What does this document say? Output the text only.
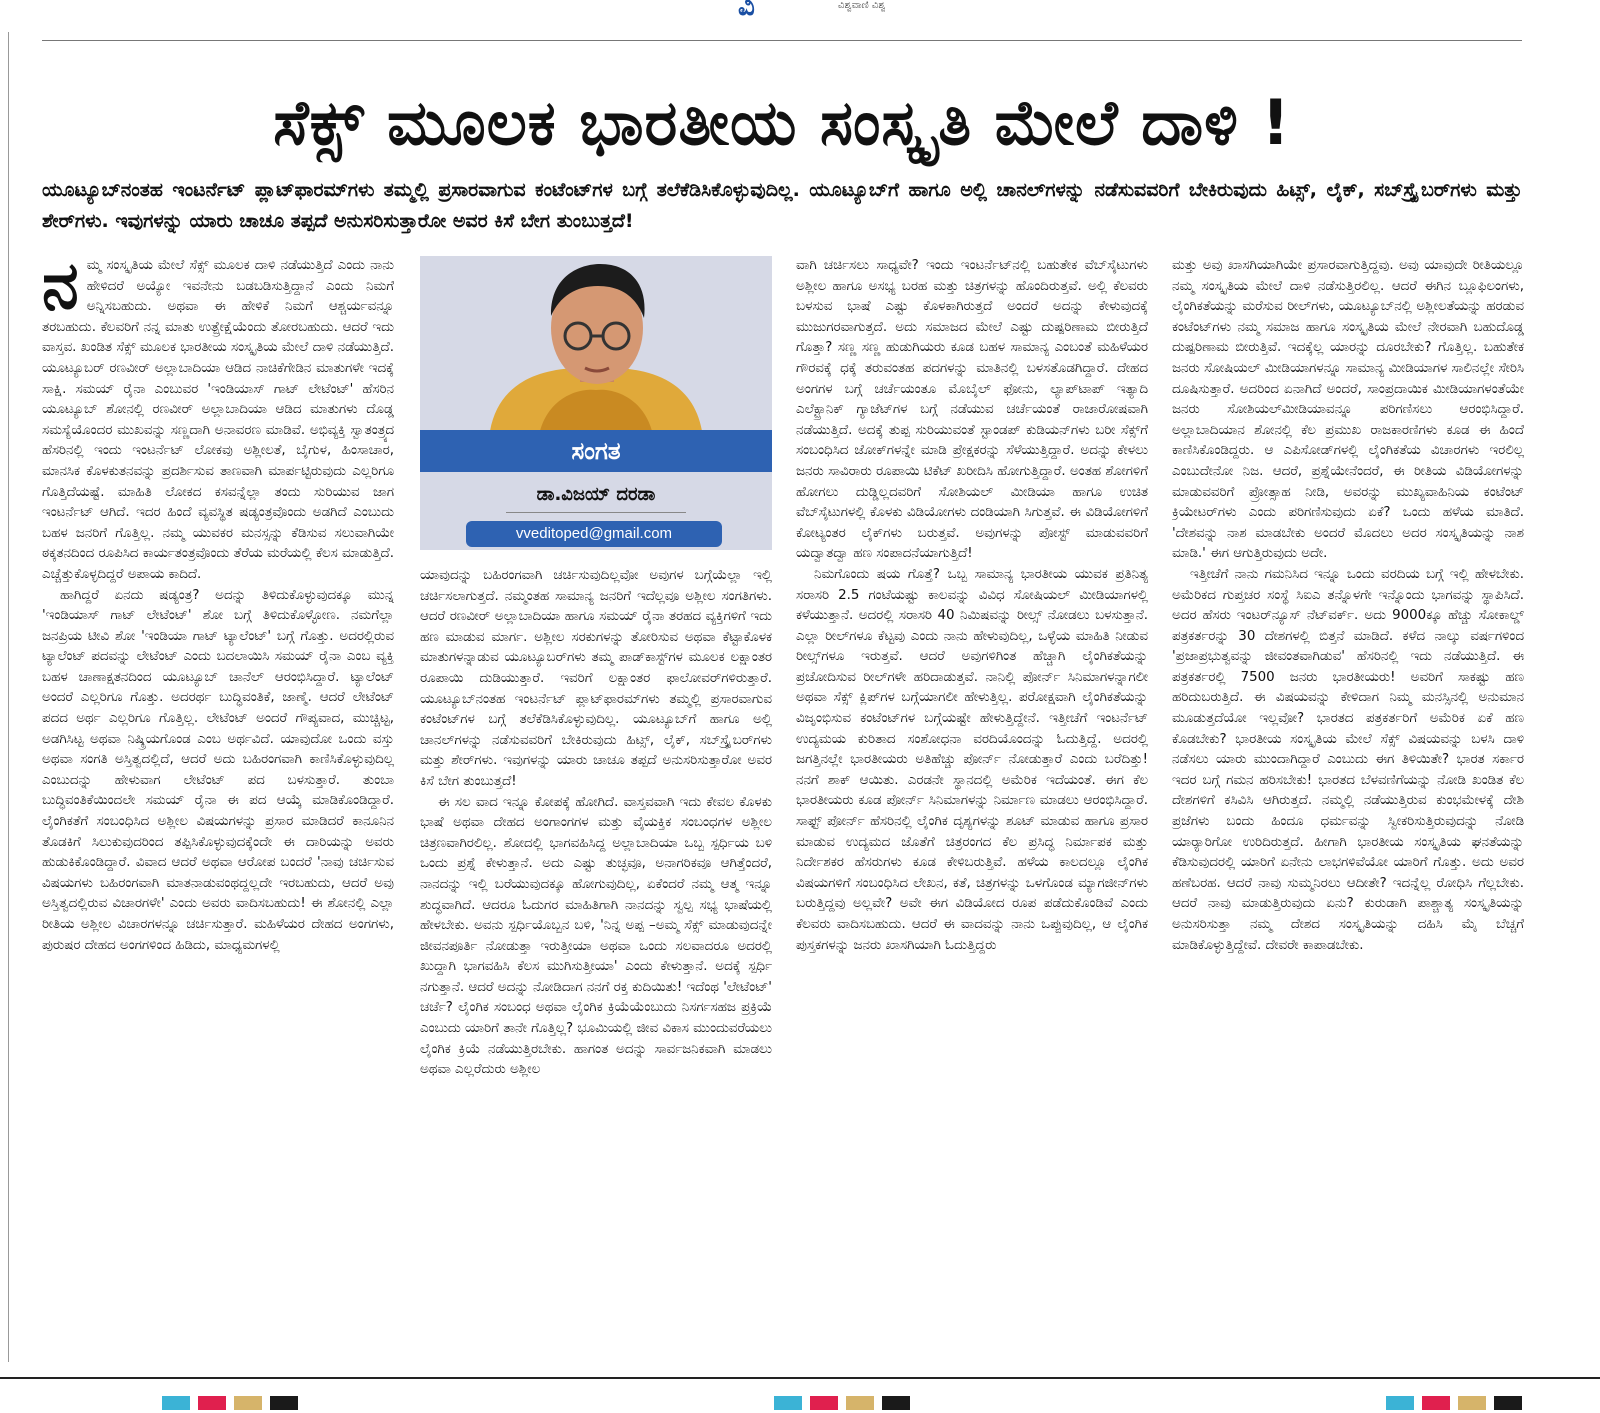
ವಿ	ವಿಶ್ವವಾಣಿ ವಿಶ್ವ
ಸೆಕ್ಸ್ ಮೂಲಕ ಭಾರತೀಯ ಸಂಸ್ಕೃತಿ ಮೇಲೆ ದಾಳಿ !
ಯೂಟ್ಯೂಬ್‌ನಂತಹ ಇಂಟರ್ನೆಟ್ ಪ್ಲಾಟ್‌ಫಾರಮ್‌ಗಳು ತಮ್ಮಲ್ಲಿ ಪ್ರಸಾರವಾಗುವ ಕಂಟೆಂಟ್‌ಗಳ ಬಗ್ಗೆ ತಲೆಕೆಡಿಸಿಕೊಳ್ಳುವುದಿಲ್ಲ. ಯೂಟ್ಯೂಬ್‌ಗೆ ಹಾಗೂ ಅಲ್ಲಿ ಚಾನಲ್‌ಗಳನ್ನು ನಡೆಸುವವರಿಗೆ ಬೇಕಿರುವುದು ಹಿಟ್ಸ್, ಲೈಕ್, ಸಬ್‌ಸ್ಕ್ರೈಬರ್‌ಗಳು ಮತ್ತು ಶೇರ್‌ಗಳು. ಇವುಗಳನ್ನು ಯಾರು ಚಾಚೂ ತಪ್ಪದೆ ಅನುಸರಿಸುತ್ತಾರೋ ಅವರ ಕಿಸೆ ಬೇಗ ತುಂಬುತ್ತದೆ!

ನಮ್ಮ ಸಂಸ್ಕೃತಿಯ ಮೇಲೆ ಸೆಕ್ಸ್ ಮೂಲಕ ದಾಳಿ ನಡೆಯುತ್ತಿದೆ ಎಂದು ನಾನು ಹೇಳಿದರೆ ಅಯ್ಯೋ ಇವನೇನು ಬಡಬಡಿಸುತ್ತಿದ್ದಾನೆ ಎಂದು ನಿಮಗೆ ಅನ್ನಿಸಬಹುದು. ಅಥವಾ ಈ ಹೇಳಿಕೆ ನಿಮಗೆ ಆಶ್ಚರ್ಯವನ್ನೂ ತರಬಹುದು. ಕೆಲವರಿಗೆ ನನ್ನ ಮಾತು ಉತ್ಪ್ರೇಕ್ಷೆಯೆಂದು ತೋರಬಹುದು. ಆದರೆ ಇದು ವಾಸ್ತವ. ಖಂಡಿತ ಸೆಕ್ಸ್ ಮೂಲಕ ಭಾರತೀಯ ಸಂಸ್ಕೃತಿಯ ಮೇಲೆ ದಾಳಿ ನಡೆಯುತ್ತಿದೆ. ಯೂಟ್ಯೂಬರ್ ರಣವೀರ್ ಅಲ್ಲಾಬಾದಿಯಾ ಆಡಿದ ನಾಚಿಕೆಗೇಡಿನ ಮಾತುಗಳೇ ಇದಕ್ಕೆ ಸಾಕ್ಷಿ. ಸಮಯ್ ರೈನಾ ಎಂಬುವರ 'ಇಂಡಿಯಾಸ್ ಗಾಟ್ ಲೇಟೆಂಟ್' ಹೆಸರಿನ ಯೂಟ್ಯೂಬ್ ಶೋನಲ್ಲಿ ರಣವೀರ್ ಅಲ್ಲಾಬಾದಿಯಾ ಆಡಿದ ಮಾತುಗಳು ದೊಡ್ಡ ಸಮಸ್ಯೆಯೊಂದರ ಮುಖವನ್ನು ಸಣ್ಣದಾಗಿ ಅನಾವರಣ ಮಾಡಿವೆ. ಅಭಿವ್ಯಕ್ತಿ ಸ್ವಾತಂತ್ರ್ಯದ ಹೆಸರಿನಲ್ಲಿ ಇಂದು ಇಂಟರ್ನೆಟ್ ಲೋಕವು ಅಶ್ಲೀಲತೆ, ಬೈಗುಳ, ಹಿಂಸಾಚಾರ, ಮಾನಸಿಕ ಕೊಳಕುತನವನ್ನು ಪ್ರದರ್ಶಿಸುವ ತಾಣವಾಗಿ ಮಾರ್ಪಟ್ಟಿರುವುದು ಎಲ್ಲರಿಗೂ ಗೊತ್ತಿದೆಯಷ್ಟೆ. ಮಾಹಿತಿ ಲೋಕದ ಕಸವನ್ನೆಲ್ಲಾ ತಂದು ಸುರಿಯುವ ಜಾಗ ಇಂಟರ್ನೆಟ್ ಆಗಿದೆ. ಇದರ ಹಿಂದೆ ವ್ಯವಸ್ಥಿತ ಷಡ್ಯಂತ್ರವೊಂದು ಅಡಗಿದೆ ಎಂಬುದು ಬಹಳ ಜನರಿಗೆ ಗೊತ್ತಿಲ್ಲ. ನಮ್ಮ ಯುವಕರ ಮನಸ್ಸನ್ನು ಕೆಡಿಸುವ ಸಲುವಾಗಿಯೇ ಠಕ್ಕತನದಿಂದ ರೂಪಿಸಿದ ಕಾರ್ಯತಂತ್ರವೊಂದು ತೆರೆಯ ಮರೆಯಲ್ಲಿ ಕೆಲಸ ಮಾಡುತ್ತಿದೆ. ಎಚ್ಚೆತ್ತುಕೊಳ್ಳದಿದ್ದರೆ ಅಪಾಯ ಕಾದಿದೆ.

ಹಾಗಿದ್ದರೆ ಏನದು ಷಡ್ಯಂತ್ರ? ಅದನ್ನು ತಿಳಿದುಕೊಳ್ಳುವುದಕ್ಕೂ ಮುನ್ನ 'ಇಂಡಿಯಾಸ್ ಗಾಟ್ ಲೇಟೆಂಟ್' ಶೋ ಬಗ್ಗೆ ತಿಳಿದುಕೊಳ್ಳೋಣ. ನಮಗೆಲ್ಲಾ ಜನಪ್ರಿಯ ಟೀವಿ ಶೋ 'ಇಂಡಿಯಾ ಗಾಟ್ ಟ್ಯಾಲೆಂಟ್' ಬಗ್ಗೆ ಗೊತ್ತು. ಅದರಲ್ಲಿರುವ ಟ್ಯಾಲೆಂಟ್ ಪದವನ್ನು ಲೇಟೆಂಟ್ ಎಂದು ಬದಲಾಯಿಸಿ ಸಮಯ್ ರೈನಾ ಎಂಬ ವ್ಯಕ್ತಿ ಬಹಳ ಚಾಣಾಕ್ಷತನದಿಂದ ಯೂಟ್ಯೂಬ್ ಚಾನೆಲ್ ಆರಂಭಿಸಿದ್ದಾರೆ. ಟ್ಯಾಲೆಂಟ್ ಅಂದರೆ ಎಲ್ಲರಿಗೂ ಗೊತ್ತು. ಅದರರ್ಥ ಬುದ್ಧಿವಂತಿಕೆ, ಜಾಣ್ಮೆ. ಆದರೆ ಲೇಟೆಂಟ್ ಪದದ ಅರ್ಥ ಎಲ್ಲರಿಗೂ ಗೊತ್ತಿಲ್ಲ. ಲೇಟೆಂಟ್ ಅಂದರೆ ಗೌಪ್ಯವಾದ, ಮುಚ್ಚಿಟ್ಟ, ಅಡಗಿಸಿಟ್ಟ ಅಥವಾ ನಿಷ್ಕ್ರಿಯಗೊಂಡ ಎಂಬ ಅರ್ಥವಿದೆ. ಯಾವುದೋ ಒಂದು ವಸ್ತು ಅಥವಾ ಸಂಗತಿ ಅಸ್ತಿತ್ವದಲ್ಲಿದೆ, ಆದರೆ ಅದು ಬಹಿರಂಗವಾಗಿ ಕಾಣಿಸಿಕೊಳ್ಳುವುದಿಲ್ಲ ಎಂಬುದನ್ನು ಹೇಳುವಾಗ ಲೇಟೆಂಟ್ ಪದ ಬಳಸುತ್ತಾರೆ. ತುಂಬಾ ಬುದ್ಧಿವಂತಿಕೆಯಿಂದಲೇ ಸಮಯ್ ರೈನಾ ಈ ಪದ ಆಯ್ಕೆ ಮಾಡಿಕೊಂಡಿದ್ದಾರೆ. ಲೈಂಗಿಕತೆಗೆ ಸಂಬಂಧಿಸಿದ ಅಶ್ಲೀಲ ವಿಷಯಗಳನ್ನು ಪ್ರಸಾರ ಮಾಡಿದರೆ ಕಾನೂನಿನ ತೊಡಕಿಗೆ ಸಿಲುಕುವುದರಿಂದ ತಪ್ಪಿಸಿಕೊಳ್ಳುವುದಕ್ಕೆಂದೇ ಈ ದಾರಿಯನ್ನು ಅವರು ಹುಡುಕಿಕೊಂಡಿದ್ದಾರೆ. ವಿವಾದ ಆದರೆ ಅಥವಾ ಆರೋಪ ಬಂದರೆ 'ನಾವು ಚರ್ಚಿಸುವ ವಿಷಯಗಳು ಬಹಿರಂಗವಾಗಿ ಮಾತನಾಡುವಂಥದ್ದಲ್ಲದೇ ಇರಬಹುದು, ಆದರೆ ಅವು ಅಸ್ತಿತ್ವದಲ್ಲಿರುವ ವಿಚಾರಗಳೇ' ಎಂದು ಅವರು ವಾದಿಸಬಹುದು! ಈ ಶೋನಲ್ಲಿ ಎಲ್ಲಾ ರೀತಿಯ ಅಶ್ಲೀಲ ವಿಚಾರಗಳನ್ನೂ ಚರ್ಚಿಸುತ್ತಾರೆ. ಮಹಿಳೆಯರ ದೇಹದ ಅಂಗಗಳು, ಪುರುಷರ ದೇಹದ ಅಂಗಗಳಿಂದ ಹಿಡಿದು, ಮಾಧ್ಯಮಗಳಲ್ಲಿ

ಸಂಗತ
ಡಾ.ವಿಜಯ್ ದರಡಾ
vveditoped@gmail.com

ಯಾವುದನ್ನು ಬಹಿರಂಗವಾಗಿ ಚರ್ಚಿಸುವುದಿಲ್ಲವೋ ಅವುಗಳ ಬಗ್ಗೆಯೆಲ್ಲಾ ಇಲ್ಲಿ ಚರ್ಚಿಸಲಾಗುತ್ತದೆ. ನಮ್ಮಂತಹ ಸಾಮಾನ್ಯ ಜನರಿಗೆ ಇದೆಲ್ಲವೂ ಅಶ್ಲೀಲ ಸಂಗತಿಗಳು. ಆದರೆ ರಣವೀರ್ ಅಲ್ಲಾಬಾದಿಯಾ ಹಾಗೂ ಸಮಯ್ ರೈನಾ ತರಹದ ವ್ಯಕ್ತಿಗಳಿಗೆ ಇದು ಹಣ ಮಾಡುವ ಮಾರ್ಗ. ಅಶ್ಲೀಲ ಸರಕುಗಳನ್ನು ತೋರಿಸುವ ಅಥವಾ ಕೆಟ್ಟಾಕೊಳಕ ಮಾತುಗಳನ್ನಾಡುವ ಯೂಟ್ಯೂಬರ್‌ಗಳು ತಮ್ಮ ಪಾಡ್‌ಕಾಸ್ಟ್‌ಗಳ ಮೂಲಕ ಲಕ್ಷಾಂತರ ರೂಪಾಯಿ ದುಡಿಯುತ್ತಾರೆ. ಇವರಿಗೆ ಲಕ್ಷಾಂತರ ಫಾಲೋವರ್‌ಗಳಿರುತ್ತಾರೆ. ಯೂಟ್ಯೂಬ್‌ನಂತಹ ಇಂಟರ್ನೆಟ್ ಪ್ಲಾಟ್‌ಫಾರಮ್‌ಗಳು ತಮ್ಮಲ್ಲಿ ಪ್ರಸಾರವಾಗುವ ಕಂಟೆಂಟ್‌ಗಳ ಬಗ್ಗೆ ತಲೆಕೆಡಿಸಿಕೊಳ್ಳುವುದಿಲ್ಲ. ಯೂಟ್ಯೂಬ್‌ಗೆ ಹಾಗೂ ಅಲ್ಲಿ ಚಾನಲ್‌ಗಳನ್ನು ನಡೆಸುವವರಿಗೆ ಬೇಕಿರುವುದು ಹಿಟ್ಸ್, ಲೈಕ್, ಸಬ್‌ಸ್ಕ್ರೈಬರ್‌ಗಳು ಮತ್ತು ಶೇರ್‌ಗಳು. ಇವುಗಳನ್ನು ಯಾರು ಚಾಚೂ ತಪ್ಪದೆ ಅನುಸರಿಸುತ್ತಾರೋ ಅವರ ಕಿಸೆ ಬೇಗ ತುಂಬುತ್ತದೆ!

ಈ ಸಲ ವಾದ ಇನ್ನೂ ಕೋಪಕ್ಕೆ ಹೋಗಿದೆ. ವಾಸ್ತವವಾಗಿ ಇದು ಕೇವಲ ಕೊಳಕು ಭಾಷೆ ಅಥವಾ ದೇಹದ ಅಂಗಾಂಗಗಳ ಮತ್ತು ವೈಯಕ್ತಿಕ ಸಂಬಂಧಗಳ ಅಶ್ಲೀಲ ಚಿತ್ರಣವಾಗಿರಲಿಲ್ಲ. ಶೋದಲ್ಲಿ ಭಾಗವಹಿಸಿದ್ದ ಅಲ್ಲಾಬಾದಿಯಾ ಒಬ್ಬ ಸ್ಪರ್ಧಿಯ ಬಳಿ ಒಂದು ಪ್ರಶ್ನೆ ಕೇಳುತ್ತಾನೆ. ಅದು ಎಷ್ಟು ತುಚ್ಛವೂ, ಅನಾಗರಿಕವೂ ಆಗಿತ್ತೆಂದರೆ, ನಾನದನ್ನು ಇಲ್ಲಿ ಬರೆಯುವುದಕ್ಕೂ ಹೋಗುವುದಿಲ್ಲ, ಏಕೆಂದರೆ ನಮ್ಮ ಆತ್ಮ ಇನ್ನೂ ಶುದ್ಧವಾಗಿದೆ. ಆದರೂ ಓದುಗರ ಮಾಹಿತಿಗಾಗಿ ನಾನದನ್ನು ಸ್ವಲ್ಪ ಸಭ್ಯ ಭಾಷೆಯಲ್ಲಿ ಹೇಳಬೇಕು. ಅವನು ಸ್ಪರ್ಧಿಯೊಬ್ಬನ ಬಳಿ, 'ನಿನ್ನ ಅಪ್ಪ –ಅಮ್ಮ ಸೆಕ್ಸ್ ಮಾಡುವುದನ್ನೇ ಜೀವನಪೂರ್ತಿ ನೋಡುತ್ತಾ ಇರುತ್ತೀಯಾ ಅಥವಾ ಒಂದು ಸಲವಾದರೂ ಅದರಲ್ಲಿ ಖುದ್ದಾಗಿ ಭಾಗವಹಿಸಿ ಕೆಲಸ ಮುಗಿಸುತ್ತೀಯಾ' ಎಂದು ಕೇಳುತ್ತಾನೆ. ಅದಕ್ಕೆ ಸ್ಪರ್ಧಿ ನಗುತ್ತಾನೆ. ಆದರೆ ಅದನ್ನು ನೋಡಿದಾಗ ನನಗೆ ರಕ್ತ ಕುದಿಯಿತು! ಇದೆಂಥ 'ಲೇಟೆಂಟ್' ಚರ್ಚೆ? ಲೈಂಗಿಕ ಸಂಬಂಧ ಅಥವಾ ಲೈಂಗಿಕ ಕ್ರಿಯೆಯೆಂಬುದು ನಿಸರ್ಗಸಹಜ ಪ್ರಕ್ರಿಯೆ ಎಂಬುದು ಯಾರಿಗೆ ತಾನೇ ಗೊತ್ತಿಲ್ಲ? ಭೂಮಿಯಲ್ಲಿ ಜೀವ ವಿಕಾಸ ಮುಂದುವರೆಯಲು ಲೈಂಗಿಕ ಕ್ರಿಯೆ ನಡೆಯುತ್ತಿರಬೇಕು. ಹಾಗಂತ ಅದನ್ನು ಸಾರ್ವಜನಿಕವಾಗಿ ಮಾಡಲು ಅಥವಾ ಎಲ್ಲರೆದುರು ಅಶ್ಲೀಲ

ವಾಗಿ ಚರ್ಚಿಸಲು ಸಾಧ್ಯವೇ? ಇಂದು ಇಂಟರ್ನೆಟ್‌ನಲ್ಲಿ ಬಹುತೇಕ ವೆಬ್‌ಸೈಟುಗಳು ಅಶ್ಲೀಲ ಹಾಗೂ ಅಸಭ್ಯ ಬರಹ ಮತ್ತು ಚಿತ್ರಗಳನ್ನು ಹೊಂದಿರುತ್ತವೆ. ಅಲ್ಲಿ ಕೆಲವರು ಬಳಸುವ ಭಾಷೆ ಎಷ್ಟು ಕೊಳಕಾಗಿರುತ್ತದೆ ಅಂದರೆ ಅದನ್ನು ಕೇಳುವುದಕ್ಕೆ ಮುಜುಗರವಾಗುತ್ತದೆ. ಅದು ಸಮಾಜದ ಮೇಲೆ ಎಷ್ಟು ದುಷ್ಪರಿಣಾಮ ಬೀರುತ್ತಿದೆ ಗೊತ್ತಾ? ಸಣ್ಣ ಸಣ್ಣ ಹುಡುಗಿಯರು ಕೂಡ ಬಹಳ ಸಾಮಾನ್ಯ ಎಂಬಂತೆ ಮಹಿಳೆಯರ ಗೌರವಕ್ಕೆ ಧಕ್ಕೆ ತರುವಂತಹ ಪದಗಳನ್ನು ಮಾತಿನಲ್ಲಿ ಬಳಸತೊಡಗಿದ್ದಾರೆ. ದೇಹದ ಅಂಗಗಳ ಬಗ್ಗೆ ಚರ್ಚೆಯಂತೂ ಮೊಬೈಲ್ ಫೋನು, ಲ್ಯಾಪ್‌ಟಾಪ್ ಇತ್ಯಾದಿ ಎಲೆಕ್ಟ್ರಾನಿಕ್ ಗ್ಯಾಜೆಟ್‌ಗಳ ಬಗ್ಗೆ ನಡೆಯುವ ಚರ್ಚೆಯಂತೆ ರಾಜಾರೋಷವಾಗಿ ನಡೆಯುತ್ತಿದೆ. ಅದಕ್ಕೆ ತುಪ್ಪ ಸುರಿಯುವಂತೆ ಸ್ಟಾಂಡಪ್ ಕುಡಿಯನ್‌ಗಳು ಬರೀ ಸೆಕ್ಸ್‌ಗೆ ಸಂಬಂಧಿಸಿದ ಜೋಕ್‌ಗಳನ್ನೇ ಮಾಡಿ ಪ್ರೇಕ್ಷಕರನ್ನು ಸೆಳೆಯುತ್ತಿದ್ದಾರೆ. ಅದನ್ನು ಕೇಳಲು ಜನರು ಸಾವಿರಾರು ರೂಪಾಯಿ ಟಿಕೆಟ್ ಖರೀದಿಸಿ ಹೋಗುತ್ತಿದ್ದಾರೆ. ಅಂತಹ ಶೋಗಳಿಗೆ ಹೋಗಲು ದುಡ್ಡಿಲ್ಲದವರಿಗೆ ಸೋಶಿಯಲ್ ಮೀಡಿಯಾ ಹಾಗೂ ಉಚಿತ ವೆಬ್‌ಸೈಟುಗಳಲ್ಲಿ ಕೊಳಕು ವಿಡಿಯೋಗಳು ದಂಡಿಯಾಗಿ ಸಿಗುತ್ತವೆ. ಈ ವಿಡಿಯೋಗಳಿಗೆ ಕೋಟ್ಯಂತರ ಲೈಕ್‌ಗಳು ಬರುತ್ತವೆ. ಅವುಗಳನ್ನು ಪೋಸ್ಟ್ ಮಾಡುವವರಿಗೆ ಯದ್ವಾತದ್ವಾ ಹಣ ಸಂಪಾದನೆಯಾಗುತ್ತಿದೆ!

ನಿಮಗೊಂದು ಷಯ ಗೊತ್ತೆ? ಒಬ್ಬ ಸಾಮಾನ್ಯ ಭಾರತೀಯ ಯುವಕ ಪ್ರತಿನಿತ್ಯ ಸರಾಸರಿ 2.5 ಗಂಟೆಯಷ್ಟು ಕಾಲವನ್ನು ವಿವಿಧ ಸೋಷಿಯಲ್ ಮೀಡಿಯಾಗಳಲ್ಲಿ ಕಳೆಯುತ್ತಾನೆ. ಅದರಲ್ಲಿ ಸರಾಸರಿ 40 ನಿಮಿಷವನ್ನು ರೀಲ್ಸ್ ನೋಡಲು ಬಳಸುತ್ತಾನೆ. ಎಲ್ಲಾ ರೀಲ್‌ಗಳೂ ಕೆಟ್ಟವು ಎಂದು ನಾನು ಹೇಳುವುದಿಲ್ಲ, ಒಳ್ಳೆಯ ಮಾಹಿತಿ ನೀಡುವ ರೀಲ್ಸ್‌ಗಳೂ ಇರುತ್ತವೆ. ಆದರೆ ಅವುಗಳಿಗಿಂತ ಹೆಚ್ಚಾಗಿ ಲೈಂಗಿಕತೆಯನ್ನು ಪ್ರಚೋದಿಸುವ ರೀಲ್‌ಗಳೇ ಹರಿದಾಡುತ್ತವೆ. ನಾನಿಲ್ಲಿ ಪೋರ್ನ್ ಸಿನಿಮಾಗಳನ್ನಾಗಲೀ ಅಥವಾ ಸೆಕ್ಸ್ ಕ್ಲಿಪ್‌ಗಳ ಬಗ್ಗೆಯಾಗಲೀ ಹೇಳುತ್ತಿಲ್ಲ. ಪರೋಕ್ಷವಾಗಿ ಲೈಂಗಿಕತೆಯನ್ನು ವಿಜೃಂಭಿಸುವ ಕಂಟೆಂಟ್‌ಗಳ ಬಗ್ಗೆಯಷ್ಟೇ ಹೇಳುತ್ತಿದ್ದೇನೆ. ಇತ್ತೀಚೆಗೆ ಇಂಟರ್ನೆಟ್ ಉದ್ಯಮಯ ಕುರಿತಾದ ಸಂಶೋಧನಾ ವರದಿಯೊಂದನ್ನು ಓದುತ್ತಿದ್ದೆ. ಅದರಲ್ಲಿ ಜಗತ್ತಿನಲ್ಲೇ ಭಾರತೀಯರು ಅತಿಹೆಚ್ಚು ಪೋರ್ನ್ ನೋಡುತ್ತಾರೆ ಎಂದು ಬರೆದಿತ್ತು! ನನಗೆ ಶಾಕ್ ಆಯಿತು. ಎರಡನೇ ಸ್ಥಾನದಲ್ಲಿ ಅಮೆರಿಕ ಇದೆಯಂತೆ. ಈಗ ಕೆಲ ಭಾರತೀಯರು ಕೂಡ ಪೋರ್ನ್ ಸಿನಿಮಾಗಳನ್ನು ನಿರ್ಮಾಣ ಮಾಡಲು ಆರಂಭಿಸಿದ್ದಾರೆ. ಸಾಫ್ಟ್ ಪೋರ್ನ್ ಹೆಸರಿನಲ್ಲಿ ಲೈಂಗಿಕ ದೃಶ್ಯಗಳನ್ನು ಶೂಟ್ ಮಾಡುವ ಹಾಗೂ ಪ್ರಸಾರ ಮಾಡುವ ಉದ್ಯಮದ ಜೊತೆಗೆ ಚಿತ್ರರಂಗದ ಕೆಲ ಪ್ರಸಿದ್ಧ ನಿರ್ಮಾಪಕ ಮತ್ತು ನಿರ್ದೇಶಕರ ಹೆಸರುಗಳು ಕೂಡ ಕೇಳಿಬರುತ್ತಿವೆ. ಹಳೆಯ ಕಾಲದಲ್ಲೂ ಲೈಂಗಿಕ ವಿಷಯಗಳಿಗೆ ಸಂಬಂಧಿಸಿದ ಲೇಖನ, ಕತೆ, ಚಿತ್ರಗಳನ್ನು ಒಳಗೊಂಡ ಮ್ಯಾಗಜೀನ್‌ಗಳು ಬರುತ್ತಿದ್ದವು ಅಲ್ಲವೇ? ಅವೇ ಈಗ ವಿಡಿಯೋದ ರೂಪ ಪಡೆದುಕೊಂಡಿವೆ ಎಂದು ಕೆಲವರು ವಾದಿಸಬಹುದು. ಆದರೆ ಈ ವಾದವನ್ನು ನಾನು ಒಪ್ಪುವುದಿಲ್ಲ, ಆ ಲೈಂಗಿಕ ಪುಸ್ತಕಗಳನ್ನು ಜನರು ಖಾಸಗಿಯಾಗಿ ಓದುತ್ತಿದ್ದರು

ಮತ್ತು ಅವು ಖಾಸಗಿಯಾಗಿಯೇ ಪ್ರಸಾರವಾಗುತ್ತಿದ್ದವು. ಅವು ಯಾವುದೇ ರೀತಿಯಲ್ಲೂ ನಮ್ಮ ಸಂಸ್ಕೃತಿಯ ಮೇಲೆ ದಾಳಿ ನಡೆಸುತ್ತಿರಲಿಲ್ಲ. ಆದರೆ ಈಗಿನ ಬ್ಲೂಫಿಲಂಗಳು, ಲೈಂಗಿಕತೆಯನ್ನು ಮರೆಸುವ ರೀಲ್‌ಗಳು, ಯೂಟ್ಯೂಬ್‌ನಲ್ಲಿ ಅಶ್ಲೀಲತೆಯನ್ನು ಹರಡುವ ಕಂಟೆಂಟ್‌ಗಳು ನಮ್ಮ ಸಮಾಜ ಹಾಗೂ ಸಂಸ್ಕೃತಿಯ ಮೇಲೆ ನೇರವಾಗಿ ಬಹುದೊಡ್ಡ ದುಷ್ಪರಿಣಾಮ ಬೀರುತ್ತಿವೆ. ಇದಕ್ಕೆಲ್ಲ ಯಾರನ್ನು ದೂರಬೇಕು? ಗೊತ್ತಿಲ್ಲ. ಬಹುತೇಕ ಜನರು ಸೋಷಿಯಲ್ ಮೀಡಿಯಾಗಳನ್ನೂ ಸಾಮಾನ್ಯ ಮೀಡಿಯಾಗಳ ಸಾಲಿನಲ್ಲೇ ಸೇರಿಸಿ ದೂಷಿಸುತ್ತಾರೆ. ಅದರಿಂದ ಏನಾಗಿದೆ ಅಂದರೆ, ಸಾಂಪ್ರದಾಯಿಕ ಮೀಡಿಯಾಗಳಂತೆಯೇ ಜನರು ಸೋಶಿಯಲ್‌ಮೀಡಿಯಾವನ್ನೂ ಪರಿಗಣಿಸಲು ಆರಂಭಿಸಿದ್ದಾರೆ. ಅಲ್ಲಾಬಾದಿಯಾನ ಶೋನಲ್ಲಿ ಕೆಲ ಪ್ರಮುಖ ರಾಜಕಾರಣಿಗಳು ಕೂಡ ಈ ಹಿಂದೆ ಕಾಣಿಸಿಕೊಂಡಿದ್ದರು. ಆ ಎಪಿಸೋಡ್‌ಗಳಲ್ಲಿ ಲೈಂಗಿಕತೆಯ ವಿಚಾರಗಳು ಇರಲಿಲ್ಲ ಎಂಬುದೇನೋ ನಿಜ. ಆದರೆ, ಪ್ರಶ್ನೆಯೇನೆಂದರೆ, ಈ ರೀತಿಯ ವಿಡಿಯೋಗಳನ್ನು ಮಾಡುವವರಿಗೆ ಪ್ರೋತ್ಸಾಹ ನೀಡಿ, ಅವರನ್ನು ಮುಖ್ಯವಾಹಿನಿಯ ಕಂಟೆಂಟ್ ಕ್ರಿಯೇಟರ್‌ಗಳು ಎಂದು ಪರಿಗಣಿಸುವುದು ಏಕೆ? ಒಂದು ಹಳೆಯ ಮಾತಿದೆ. 'ದೇಶವನ್ನು ನಾಶ ಮಾಡಬೇಕು ಅಂದರೆ ಮೊದಲು ಅದರ ಸಂಸ್ಕೃತಿಯನ್ನು ನಾಶ ಮಾಡಿ.' ಈಗ ಆಗುತ್ತಿರುವುದು ಅದೇ.

ಇತ್ತೀಚೆಗೆ ನಾನು ಗಮನಿಸಿದ ಇನ್ನೂ ಒಂದು ವರದಿಯ ಬಗ್ಗೆ ಇಲ್ಲಿ ಹೇಳಬೇಕು. ಅಮೆರಿಕದ ಗುಪ್ತಚರ ಸಂಸ್ಥೆ ಸಿಐಎ ತನ್ನೊಳಗೇ ಇನ್ನೊಂದು ಭಾಗವನ್ನು ಸ್ಥಾಪಿಸಿದೆ. ಅದರ ಹೆಸರು ಇಂಟರ್‌ನ್ಯೂಸ್ ನೆಟ್‌ವರ್ಕ್. ಅದು 9000ಕ್ಕೂ ಹೆಚ್ಚು ಸೋಕಾಲ್ಡ್ ಪತ್ರಕರ್ತರನ್ನು 30 ದೇಶಗಳಲ್ಲಿ ಬಿತ್ತನೆ ಮಾಡಿದೆ. ಕಳೆದ ನಾಲ್ಕು ವರ್ಷಗಳಿಂದ 'ಪ್ರಜಾಪ್ರಭುತ್ವವನ್ನು ಜೀವಂತವಾಗಿಡುವ' ಹೆಸರಿನಲ್ಲಿ ಇದು ನಡೆಯುತ್ತಿದೆ. ಈ ಪತ್ರಕರ್ತರಲ್ಲಿ 7500 ಜನರು ಭಾರತೀಯರು! ಅವರಿಗೆ ಸಾಕಷ್ಟು ಹಣ ಹರಿದುಬರುತ್ತಿದೆ. ಈ ವಿಷಯವನ್ನು ಕೇಳಿದಾಗ ನಿಮ್ಮ ಮನಸ್ಸಿನಲ್ಲಿ ಅನುಮಾನ ಮೂಡುತ್ತದೆಯೋ ಇಲ್ಲವೋ? ಭಾರತದ ಪತ್ರಕರ್ತರಿಗೆ ಅಮೆರಿಕ ಏಕೆ ಹಣ ಕೊಡಬೇಕು? ಭಾರತೀಯ ಸಂಸ್ಕೃತಿಯ ಮೇಲೆ ಸೆಕ್ಸ್ ವಿಷಯವನ್ನು ಬಳಸಿ ದಾಳಿ ನಡೆಸಲು ಯಾರು ಮುಂದಾಗಿದ್ದಾರೆ ಎಂಬುದು ಈಗ ತಿಳಿಯಿತೇ? ಭಾರತ ಸರ್ಕಾರ ಇದರ ಬಗ್ಗೆ ಗಮನ ಹರಿಸಬೇಕು! ಭಾರತದ ಬೆಳವಣಿಗೆಯನ್ನು ನೋಡಿ ಖಂಡಿತ ಕೆಲ ದೇಶಗಳಿಗೆ ಕಸಿವಿಸಿ ಆಗಿರುತ್ತದೆ. ನಮ್ಮಲ್ಲಿ ನಡೆಯುತ್ತಿರುವ ಕುಂಭಮೇಳಕ್ಕೆ ದೇಶಿ ಪ್ರಜೆಗಳು ಬಂದು ಹಿಂದೂ ಧರ್ಮವನ್ನು ಸ್ವೀಕರಿಸುತ್ತಿರುವುದನ್ನು ನೋಡಿ ಯಾರ‍್ಯಾರಿಗೋ ಉರಿದಿರುತ್ತದೆ. ಹೀಗಾಗಿ ಭಾರತೀಯ ಸಂಸ್ಕೃತಿಯ ಘನತೆಯನ್ನು ಕೆಡಿಸುವುದರಲ್ಲಿ ಯಾರಿಗೆ ಏನೇನು ಲಾಭಗಳಿವೆಯೋ ಯಾರಿಗೆ ಗೊತ್ತು. ಅದು ಅವರ ಹಣೆಬರಹ. ಆದರೆ ನಾವು ಸುಮ್ಮನಿರಲು ಆದೀತೇ? ಇದನ್ನೆಲ್ಲ ರೋಧಿಸಿ ಗೆಲ್ಲಬೇಕು. ಆದರೆ ನಾವು ಮಾಡುತ್ತಿರುವುದು ಏನು? ಕುರುಡಾಗಿ ಪಾಶ್ಚಾತ್ಯ ಸಂಸ್ಕೃತಿಯನ್ನು ಅನುಸರಿಸುತ್ತಾ ನಮ್ಮ ದೇಶದ ಸಂಸ್ಕೃತಿಯನ್ನು ದಹಿಸಿ ಮೈ ಬೆಚ್ಚಗೆ ಮಾಡಿಕೊಳ್ಳುತ್ತಿದ್ದೇವೆ. ದೇವರೇ ಕಾಪಾಡಬೇಕು.
